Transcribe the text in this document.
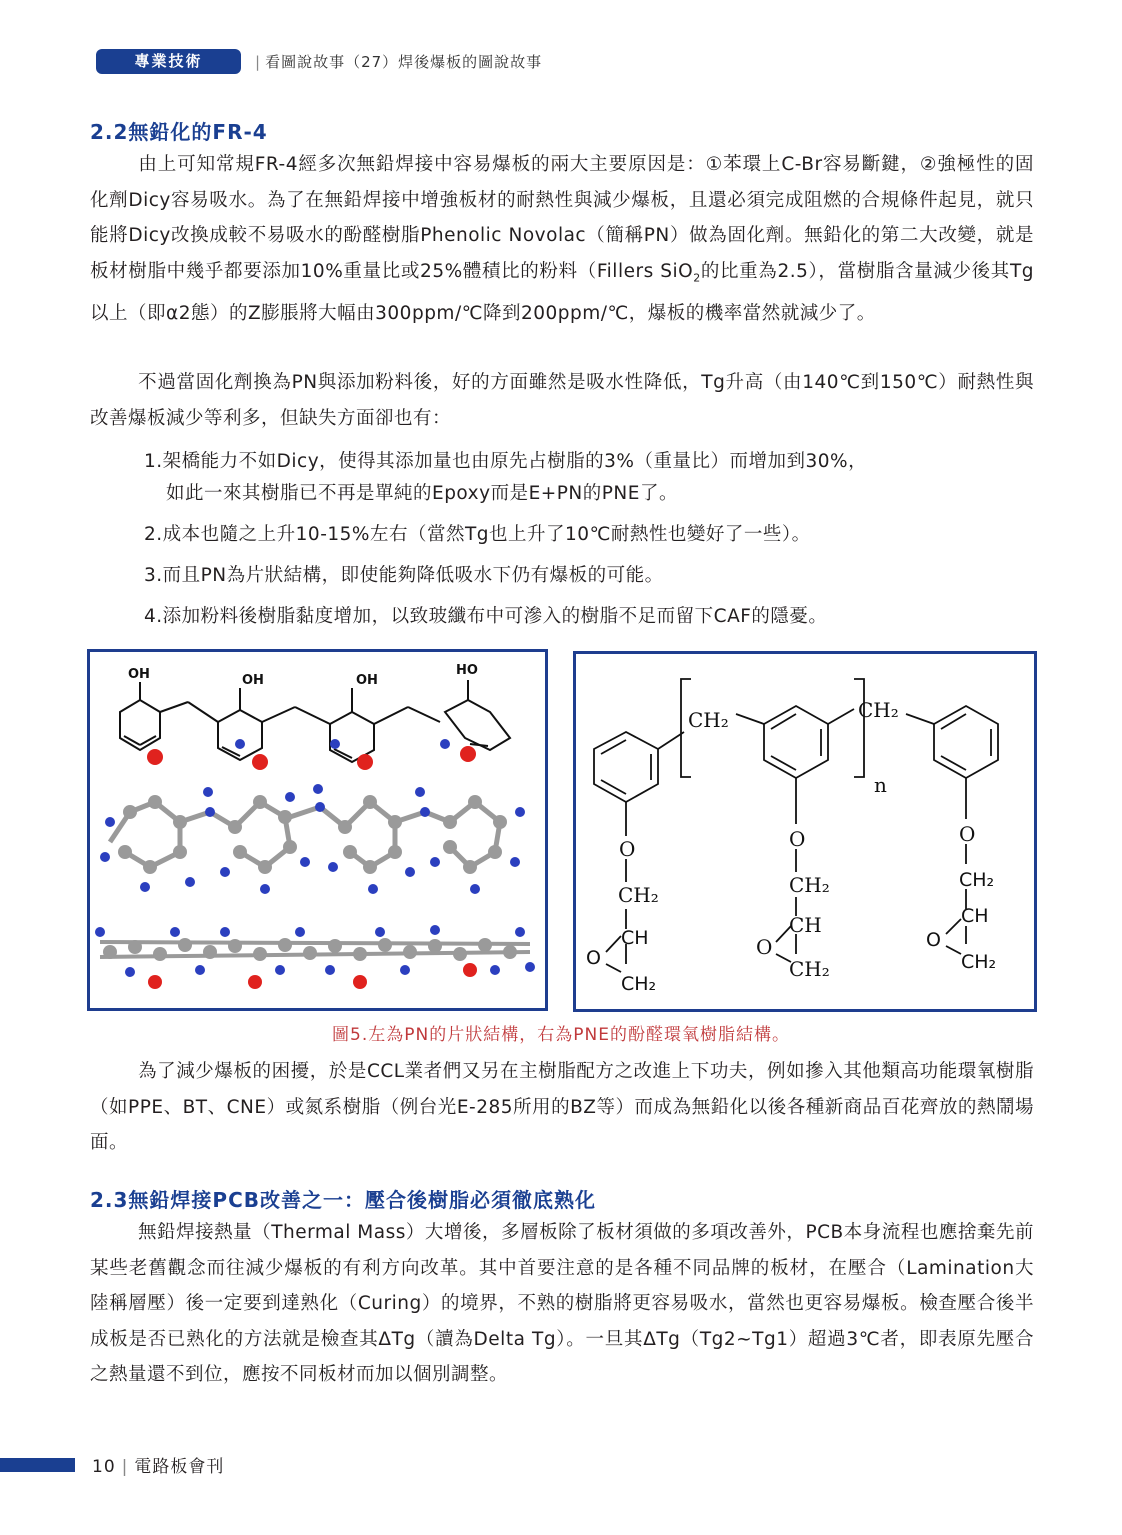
專業技術	| 看圖說故事（27）焊後爆板的圖說故事
2.2無鉛化的FR-4
由上可知常規FR-4經多次無鉛焊接中容易爆板的兩大主要原因是：①苯環上C-Br容易斷鍵，②強極性的固化劑Dicy容易吸水。為了在無鉛焊接中增強板材的耐熱性與減少爆板，且還必須完成阻燃的合規條件起見，就只能將Dicy改換成較不易吸水的酚醛樹脂Phenolic Novolac（簡稱PN）做為固化劑。無鉛化的第二大改變，就是板材樹脂中幾乎都要添加10%重量比或25%體積比的粉料（Fillers SiO$_2$的比重為2.5），當樹脂含量減少後其Tg以上（即α2態）的Z膨脹將大幅由300ppm/℃降到200ppm/℃，爆板的機率當然就減少了。
不過當固化劑換為PN與添加粉料後，好的方面雖然是吸水性降低，Tg升高（由140℃到150℃）耐熱性與改善爆板減少等利多，但缺失方面卻也有：
1.架橋能力不如Dicy，使得其添加量也由原先占樹脂的3%（重量比）而增加到30%，
如此一來其樹脂已不再是單純的Epoxy而是E+PN的PNE了。
2.成本也隨之上升10-15%左右（當然Tg也上升了10℃耐熱性也變好了一些）。
3.而且PN為片狀結構，即使能夠降低吸水下仍有爆板的可能。
4.添加粉料後樹脂黏度增加，以致玻纖布中可滲入的樹脂不足而留下CAF的隱憂。
OH	OH	OH
HO
CH₂	CH₂
n
O
CH₂
O
CH₂
CH
O
CH₂
O
CH
O
CH₂
CH₂
CH
O
CH₂
圖5.左為PN的片狀結構，右為PNE的酚醛環氧樹脂結構。
為了減少爆板的困擾，於是CCL業者們又另在主樹脂配方之改進上下功夫，例如摻入其他類高功能環氧樹脂（如PPE、BT、CNE）或氮系樹脂（例台光E-285所用的BZ等）而成為無鉛化以後各種新商品百花齊放的熱鬧場面。
2.3無鉛焊接PCB改善之一：壓合後樹脂必須徹底熟化
無鉛焊接熱量（Thermal Mass）大增後，多層板除了板材須做的多項改善外，PCB本身流程也應捨棄先前某些老舊觀念而往減少爆板的有利方向改革。其中首要注意的是各種不同品牌的板材，在壓合（Lamination大陸稱層壓）後一定要到達熟化（Curing）的境界，不熟的樹脂將更容易吸水，當然也更容易爆板。檢查壓合後半成板是否已熟化的方法就是檢查其ΔTg（讀為Delta Tg）。一旦其ΔTg（Tg2~Tg1）超過3℃者，即表原先壓合之熱量還不到位，應按不同板材而加以個別調整。
10 | 電路板會刊
